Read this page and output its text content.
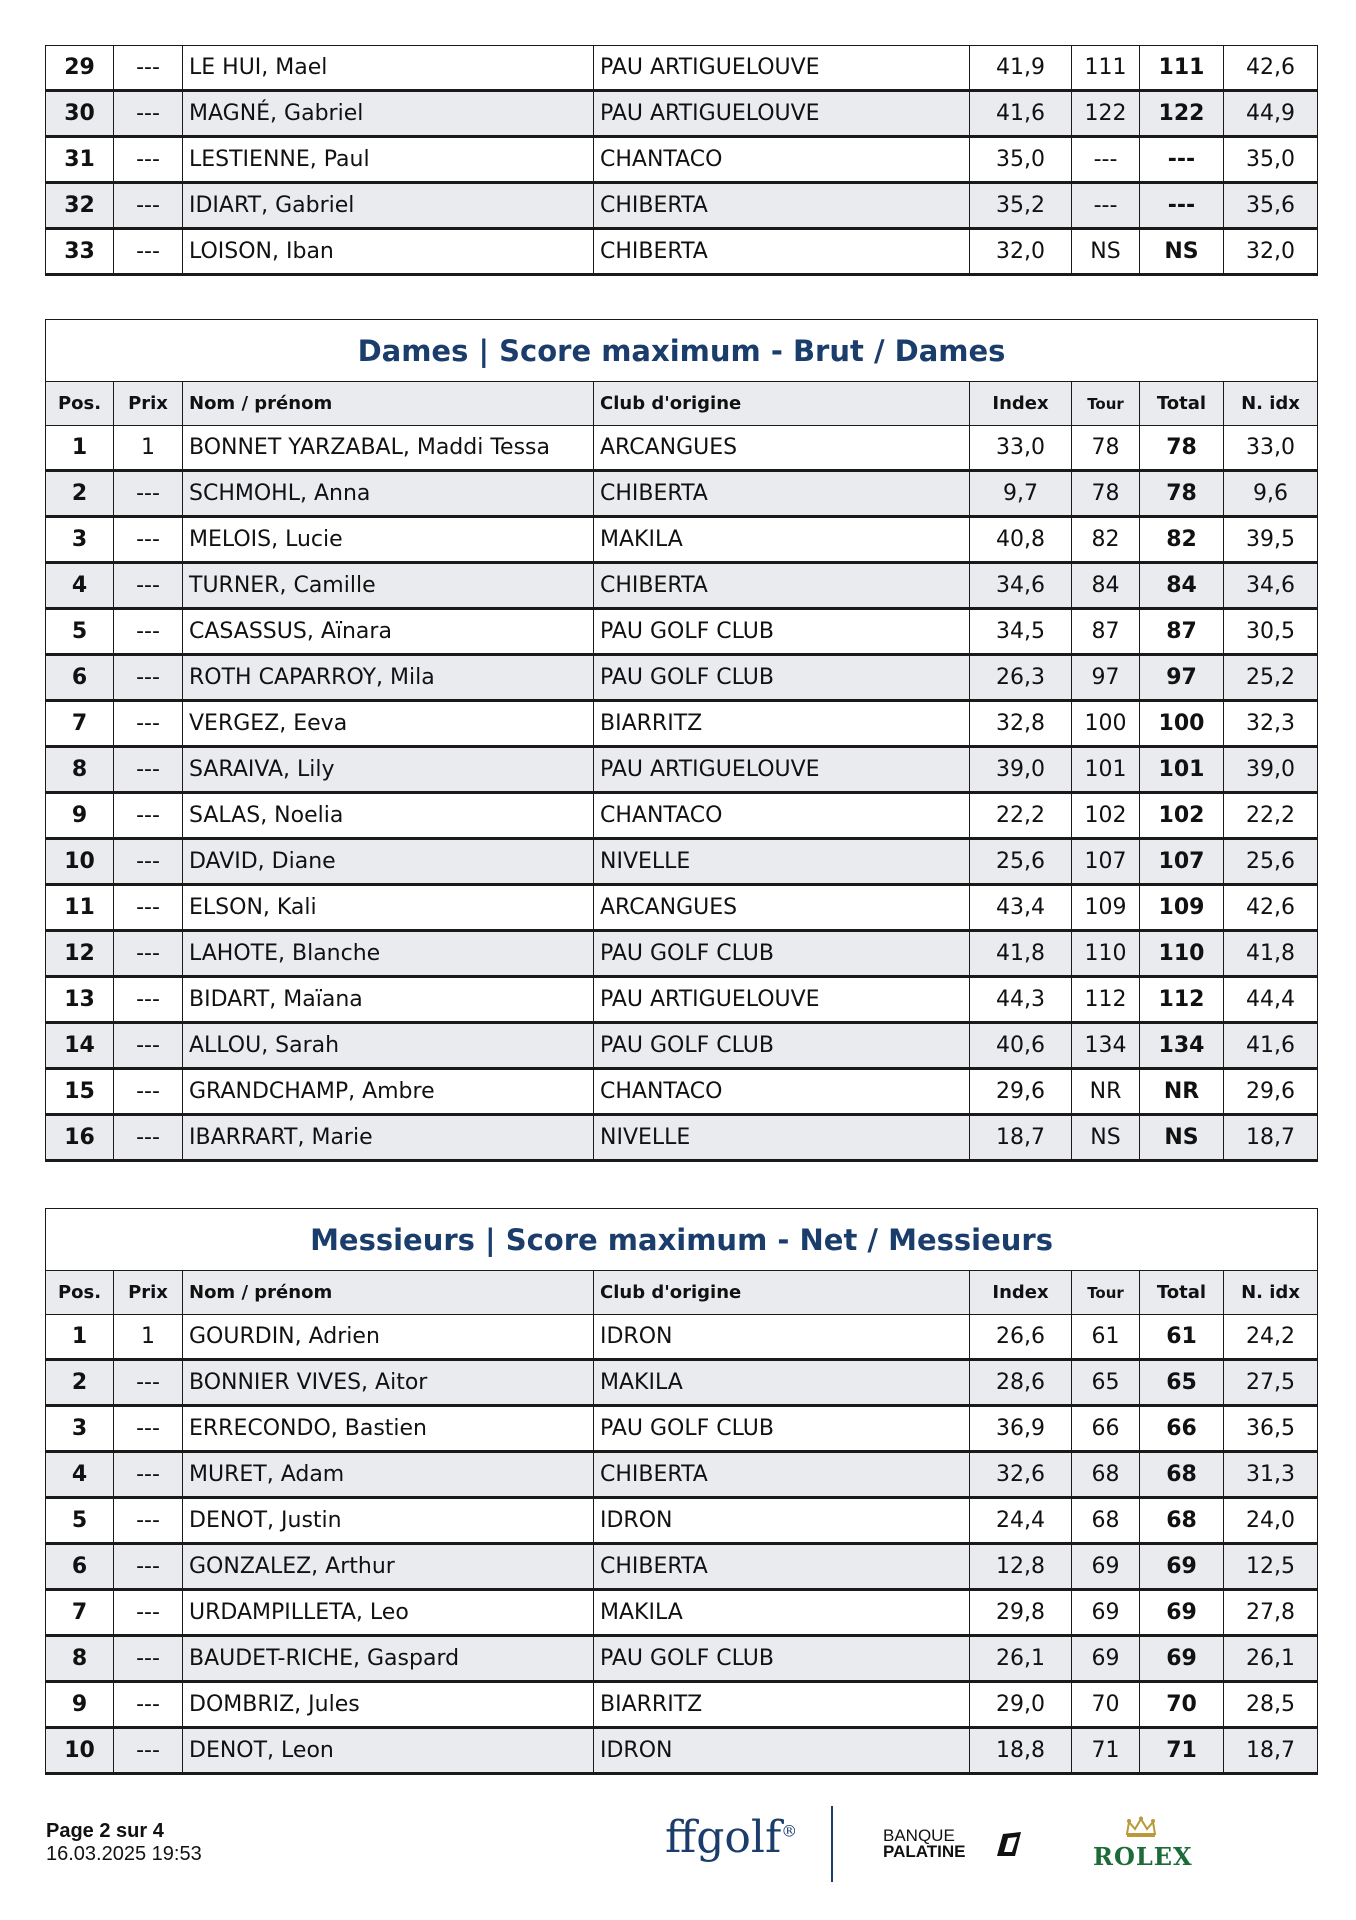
29	---	LE HUI, Mael	PAU ARTIGUELOUVE	41,9	111	111	42,6
30	---	MAGNÉ, Gabriel	PAU ARTIGUELOUVE	41,6	122	122	44,9
31	---	LESTIENNE, Paul	CHANTACO	35,0	---	---	35,0
32	---	IDIART, Gabriel	CHIBERTA	35,2	---	---	35,6
33	---	LOISON, Iban	CHIBERTA	32,0	NS	NS	32,0
Dames | Score maximum - Brut / Dames							
Pos.	Prix	Nom / prénom	Club d'origine	Index	Tour	Total	N. idx
1	1	BONNET YARZABAL, Maddi Tessa	ARCANGUES	33,0	78	78	33,0
2	---	SCHMOHL, Anna	CHIBERTA	9,7	78	78	9,6
3	---	MELOIS, Lucie	MAKILA	40,8	82	82	39,5
4	---	TURNER, Camille	CHIBERTA	34,6	84	84	34,6
5	---	CASASSUS, Aïnara	PAU GOLF CLUB	34,5	87	87	30,5
6	---	ROTH CAPARROY, Mila	PAU GOLF CLUB	26,3	97	97	25,2
7	---	VERGEZ, Eeva	BIARRITZ	32,8	100	100	32,3
8	---	SARAIVA, Lily	PAU ARTIGUELOUVE	39,0	101	101	39,0
9	---	SALAS, Noelia	CHANTACO	22,2	102	102	22,2
10	---	DAVID, Diane	NIVELLE	25,6	107	107	25,6
11	---	ELSON, Kali	ARCANGUES	43,4	109	109	42,6
12	---	LAHOTE, Blanche	PAU GOLF CLUB	41,8	110	110	41,8
13	---	BIDART, Maïana	PAU ARTIGUELOUVE	44,3	112	112	44,4
14	---	ALLOU, Sarah	PAU GOLF CLUB	40,6	134	134	41,6
15	---	GRANDCHAMP, Ambre	CHANTACO	29,6	NR	NR	29,6
16	---	IBARRART, Marie	NIVELLE	18,7	NS	NS	18,7
Messieurs | Score maximum - Net / Messieurs							
Pos.	Prix	Nom / prénom	Club d'origine	Index	Tour	Total	N. idx
1	1	GOURDIN, Adrien	IDRON	26,6	61	61	24,2
2	---	BONNIER VIVES, Aitor	MAKILA	28,6	65	65	27,5
3	---	ERRECONDO, Bastien	PAU GOLF CLUB	36,9	66	66	36,5
4	---	MURET, Adam	CHIBERTA	32,6	68	68	31,3
5	---	DENOT, Justin	IDRON	24,4	68	68	24,0
6	---	GONZALEZ, Arthur	CHIBERTA	12,8	69	69	12,5
7	---	URDAMPILLETA, Leo	MAKILA	29,8	69	69	27,8
8	---	BAUDET-RICHE, Gaspard	PAU GOLF CLUB	26,1	69	69	26,1
9	---	DOMBRIZ, Jules	BIARRITZ	29,0	70	70	28,5
10	---	DENOT, Leon	IDRON	18,8	71	71	18,7
Page 2 sur 4
16.03.2025 19:53	ffgolf®	BANQUE
PALATINE	ROLEX
